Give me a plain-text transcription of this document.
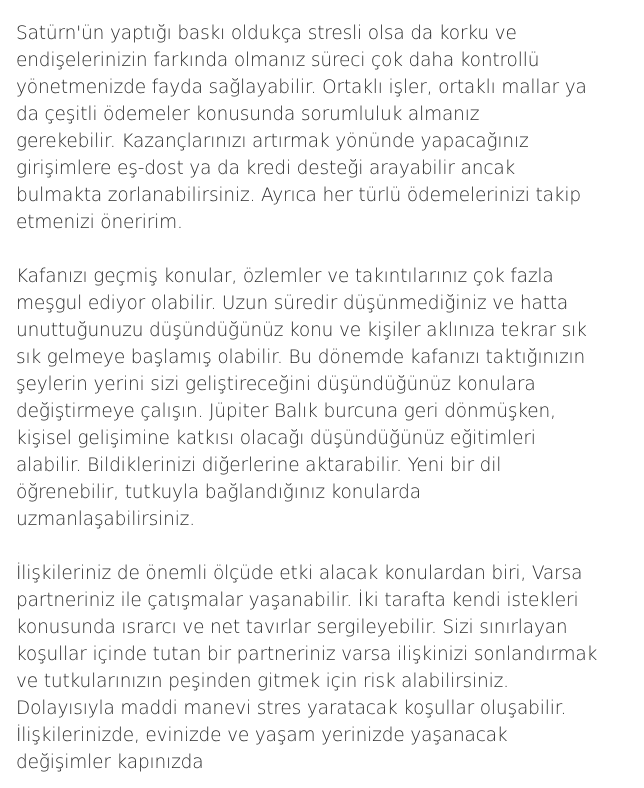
Satürn'ün yaptığı baskı oldukça stresli olsa da korku ve
endişelerinizin farkında olmanız süreci çok daha kontrollü
yönetmenizde fayda sağlayabilir. Ortaklı işler, ortaklı mallar ya
da çeşitli ödemeler konusunda sorumluluk almanız
gerekebilir. Kazançlarınızı artırmak yönünde yapacağınız
girişimlere eş-dost ya da kredi desteği arayabilir ancak
bulmakta zorlanabilirsiniz. Ayrıca her türlü ödemelerinizi takip
etmenizi öneririm.

Kafanızı geçmiş konular, özlemler ve takıntılarınız çok fazla
meşgul ediyor olabilir. Uzun süredir düşünmediğiniz ve hatta
unuttuğunuzu düşündüğünüz konu ve kişiler aklınıza tekrar sık
sık gelmeye başlamış olabilir. Bu dönemde kafanızı taktığınızın
şeylerin yerini sizi geliştireceğini düşündüğünüz konulara
değiştirmeye çalışın. Jüpiter Balık burcuna geri dönmüşken,
kişisel gelişimine katkısı olacağı düşündüğünüz eğitimleri
alabilir. Bildiklerinizi diğerlerine aktarabilir. Yeni bir dil
öğrenebilir, tutkuyla bağlandığınız konularda
uzmanlaşabilirsiniz.

İlişkileriniz de önemli ölçüde etki alacak konulardan biri, Varsa
partneriniz ile çatışmalar yaşanabilir. İki tarafta kendi istekleri
konusunda ısrarcı ve net tavırlar sergileyebilir. Sizi sınırlayan
koşullar içinde tutan bir partneriniz varsa ilişkinizi sonlandırmak
ve tutkularınızın peşinden gitmek için risk alabilirsiniz.
Dolayısıyla maddi manevi stres yaratacak koşullar oluşabilir.
İlişkilerinizde, evinizde ve yaşam yerinizde yaşanacak
değişimler kapınızda
